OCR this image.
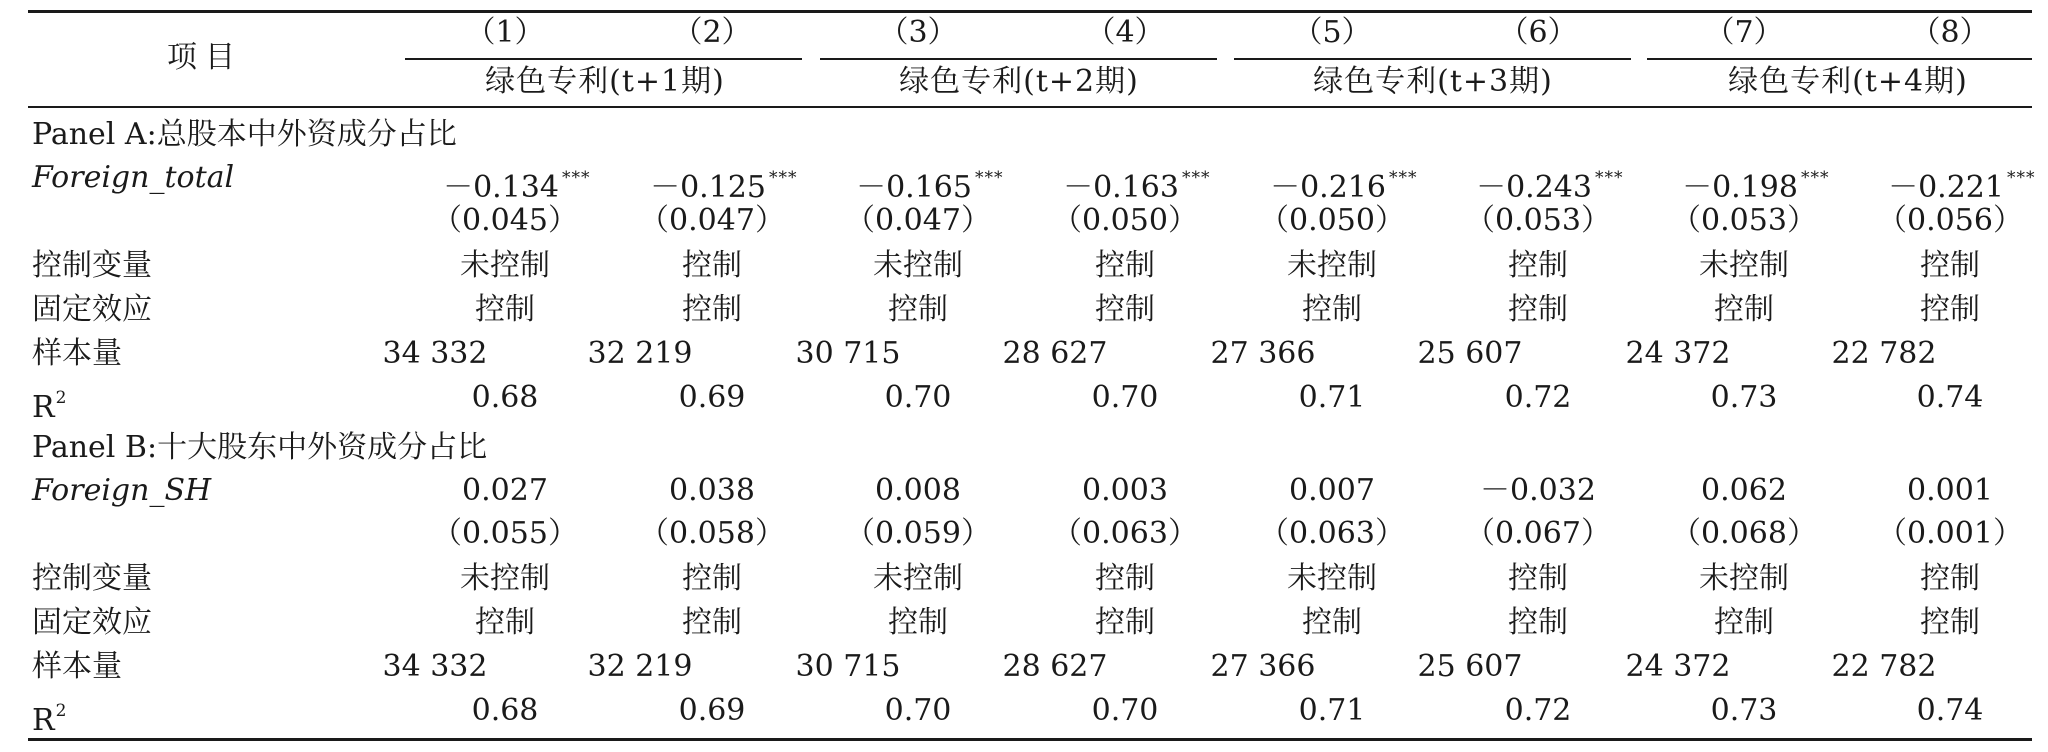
项目
（1）	（2）	（3）	（4）	（5）	（6）	（7）	（8）
绿色专利(t+1期)	绿色专利(t+2期)	绿色专利(t+3期)	绿色专利(t+4期)
Panel A:总股本中外资成分占比
Foreign_total	－0.134 *** －0.125 *** －0.165 *** －0.163 *** －0.216 *** －0.243 *** －0.198 *** －0.221 ***
（0.045） （0.047） （0.047） （0.050） （0.050） （0.053） （0.053） （0.056）
控制变量	未控制	控制	未控制	控制	未控制	控制	未控制	控制
固定效应	控制	控制	控制	控制	控制	控制	控制	控制
样本量	34 332	32 219	30 715	28 627	27 366	25 607	24 372	22 782
$R^2$	0.68	0.69	0.70	0.70	0.71	0.72	0.73	0.74
Panel B:十大股东中外资成分占比
Foreign_SH	0.027	0.038	0.008	0.003	0.007	－0.032	0.062	0.001
（0.055） （0.058） （0.059） （0.063） （0.063） （0.067） （0.068） （0.001）
控制变量	未控制	控制	未控制	控制	未控制	控制	未控制	控制
固定效应	控制	控制	控制	控制	控制	控制	控制	控制
样本量	34 332	32 219	30 715	28 627	27 366	25 607	24 372	22 782
$R^2$	0.68	0.69	0.70	0.70	0.71	0.72	0.73	0.74
